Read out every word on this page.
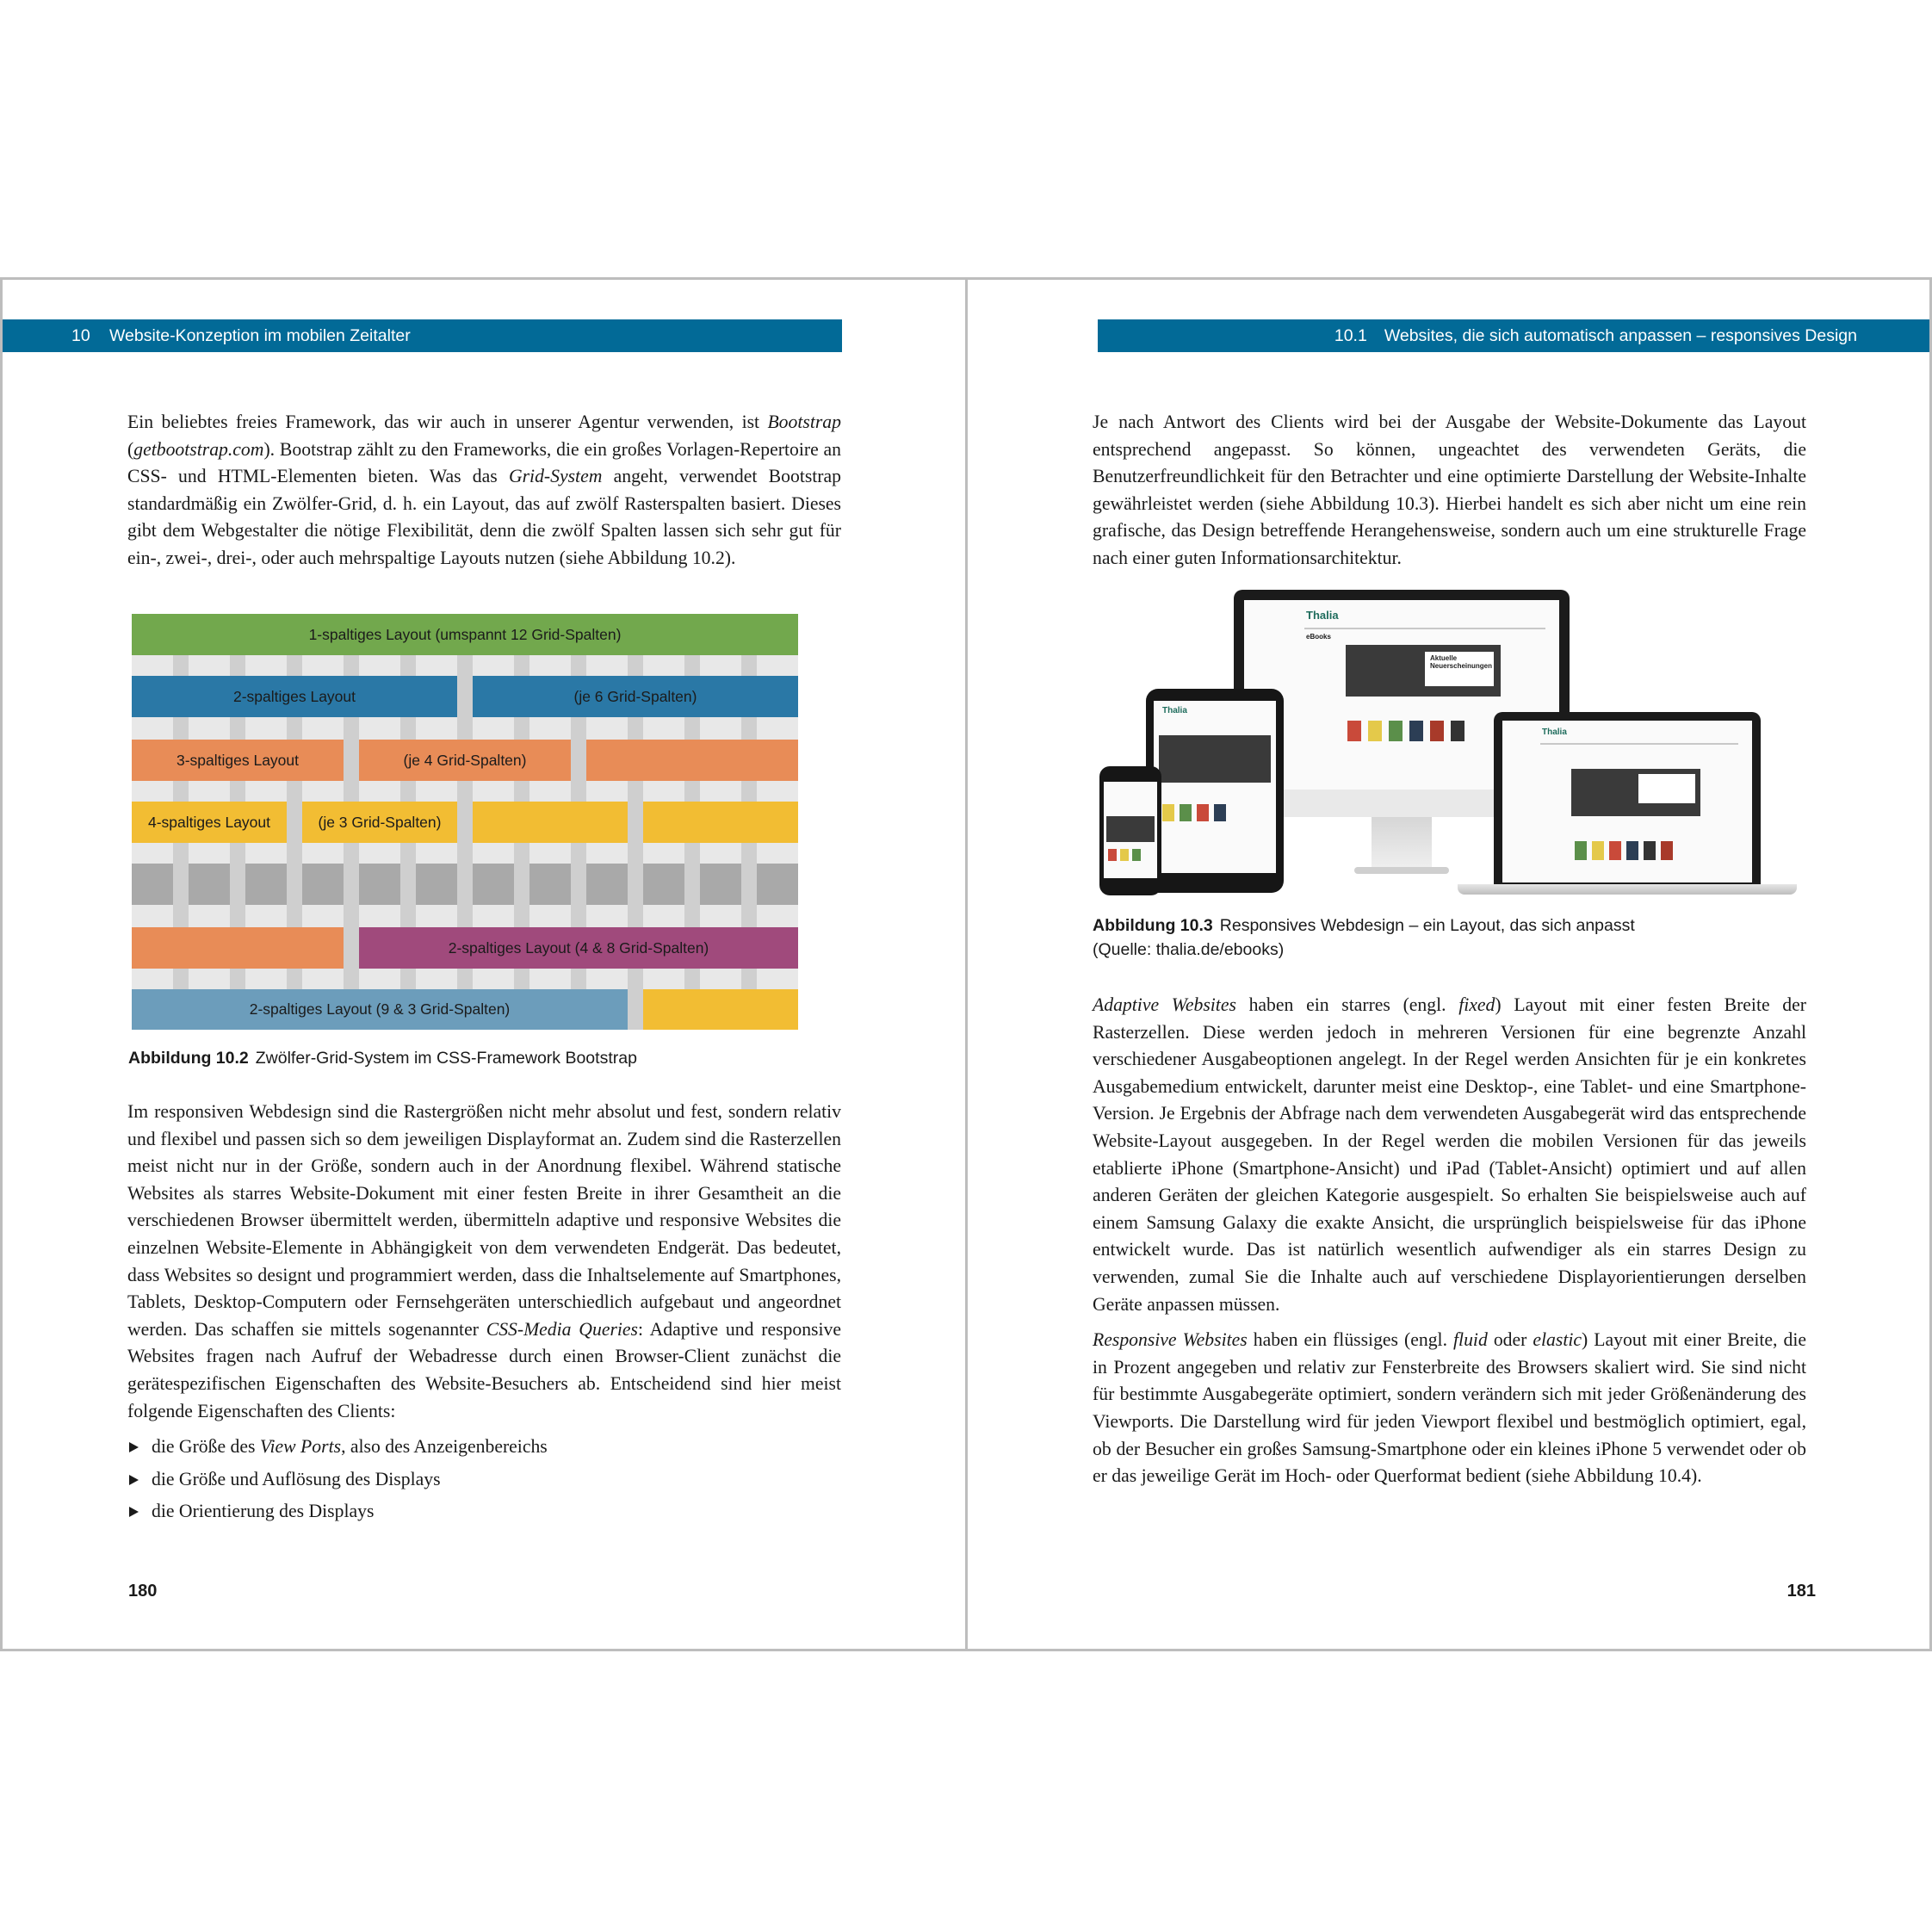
10 Website-Konzeption im mobilen Zeitalter

Ein beliebtes freies Framework, das wir auch in unserer Agentur verwenden, ist Bootstrap (getbootstrap.com). Bootstrap zählt zu den Frameworks, die ein großes Vorlagen-Repertoire an CSS- und HTML-Elementen bieten. Was das Grid-System angeht, verwendet Bootstrap standardmäßig ein Zwölfer-Grid, d. h. ein Layout, das auf zwölf Rasterspalten basiert. Dieses gibt dem Webgestalter die nötige Flexibilität, denn die zwölf Spalten lassen sich sehr gut für ein-, zwei-, drei-, oder auch mehrspaltige Layouts nutzen (siehe Abbildung 10.2).

1-spaltiges Layout (umspannt 12 Grid-Spalten)
2-spaltiges Layout	(je 6 Grid-Spalten)
3-spaltiges Layout	(je 4 Grid-Spalten)
4-spaltiges Layout	(je 3 Grid-Spalten)
2-spaltiges Layout (4 & 8 Grid-Spalten)
2-spaltiges Layout (9 & 3 Grid-Spalten)
Abbildung 10.2 Zwölfer-Grid-System im CSS-Framework Bootstrap

Im responsiven Webdesign sind die Rastergrößen nicht mehr absolut und fest, sondern relativ und flexibel und passen sich so dem jeweiligen Displayformat an. Zudem sind die Rasterzellen meist nicht nur in der Größe, sondern auch in der Anordnung flexibel. Während statische Websites als starres Website-Dokument mit einer festen Breite in ihrer Gesamtheit an die verschiedenen Browser übermittelt werden, übermitteln adaptive und responsive Websites die einzelnen Website-Elemente in Abhängigkeit von dem verwendeten Endgerät. Das bedeutet, dass Websites so designt und programmiert werden, dass die Inhaltselemente auf Smartphones, Tablets, Desktop-Computern oder Fernsehgeräten unterschiedlich aufgebaut und angeordnet werden. Das schaffen sie mittels sogenannter CSS-Media Queries: Adaptive und responsive Websites fragen nach Aufruf der Webadresse durch einen Browser-Client zunächst die gerätespezifischen Eigenschaften des Website-Besuchers ab. Entscheidend sind hier meist folgende Eigenschaften des Clients:

die Größe des View Ports, also des Anzeigenbereichs
die Größe und Auflösung des Displays
die Orientierung des Displays
180
10.1 Websites, die sich automatisch anpassen – responsives Design

Je nach Antwort des Clients wird bei der Ausgabe der Website-Dokumente das Layout entsprechend angepasst. So können, ungeachtet des verwendeten Geräts, die Benutzerfreundlichkeit für den Betrachter und eine optimierte Darstellung der Website-Inhalte gewährleistet werden (siehe Abbildung 10.3). Hierbei handelt es sich aber nicht um eine rein grafische, das Design betreffende Herangehensweise, sondern auch um eine strukturelle Frage nach einer guten Informationsarchitektur.

Thalia
eBooks
Aktuelle
Neuerscheinungen
Thalia
Thalia
Abbildung 10.3 Responsives Webdesign – ein Layout, das sich anpasst
(Quelle: thalia.de/ebooks)

Adaptive Websites haben ein starres (engl. fixed) Layout mit einer festen Breite der Rasterzellen. Diese werden jedoch in mehreren Versionen für eine begrenzte Anzahl verschiedener Ausgabeoptionen angelegt. In der Regel werden Ansichten für je ein konkretes Ausgabemedium entwickelt, darunter meist eine Desktop-, eine Tablet- und eine Smartphone-Version. Je Ergebnis der Abfrage nach dem verwendeten Ausgabegerät wird das entsprechende Website-Layout ausgegeben. In der Regel werden die mobilen Versionen für das jeweils etablierte iPhone (Smartphone-Ansicht) und iPad (Tablet-Ansicht) optimiert und auf allen anderen Geräten der gleichen Kategorie ausgespielt. So erhalten Sie beispielsweise auch auf einem Samsung Galaxy die exakte Ansicht, die ursprünglich beispielsweise für das iPhone entwickelt wurde. Das ist natürlich wesentlich aufwendiger als ein starres Design zu verwenden, zumal Sie die Inhalte auch auf verschiedene Displayorientierungen derselben Geräte anpassen müssen.

Responsive Websites haben ein flüssiges (engl. fluid oder elastic) Layout mit einer Breite, die in Prozent angegeben und relativ zur Fensterbreite des Browsers skaliert wird. Sie sind nicht für bestimmte Ausgabegeräte optimiert, sondern verändern sich mit jeder Größenänderung des Viewports. Die Darstellung wird für jeden Viewport flexibel und bestmöglich optimiert, egal, ob der Besucher ein großes Samsung-Smartphone oder ein kleines iPhone 5 verwendet oder ob er das jeweilige Gerät im Hoch- oder Querformat bedient (siehe Abbildung 10.4).

181
